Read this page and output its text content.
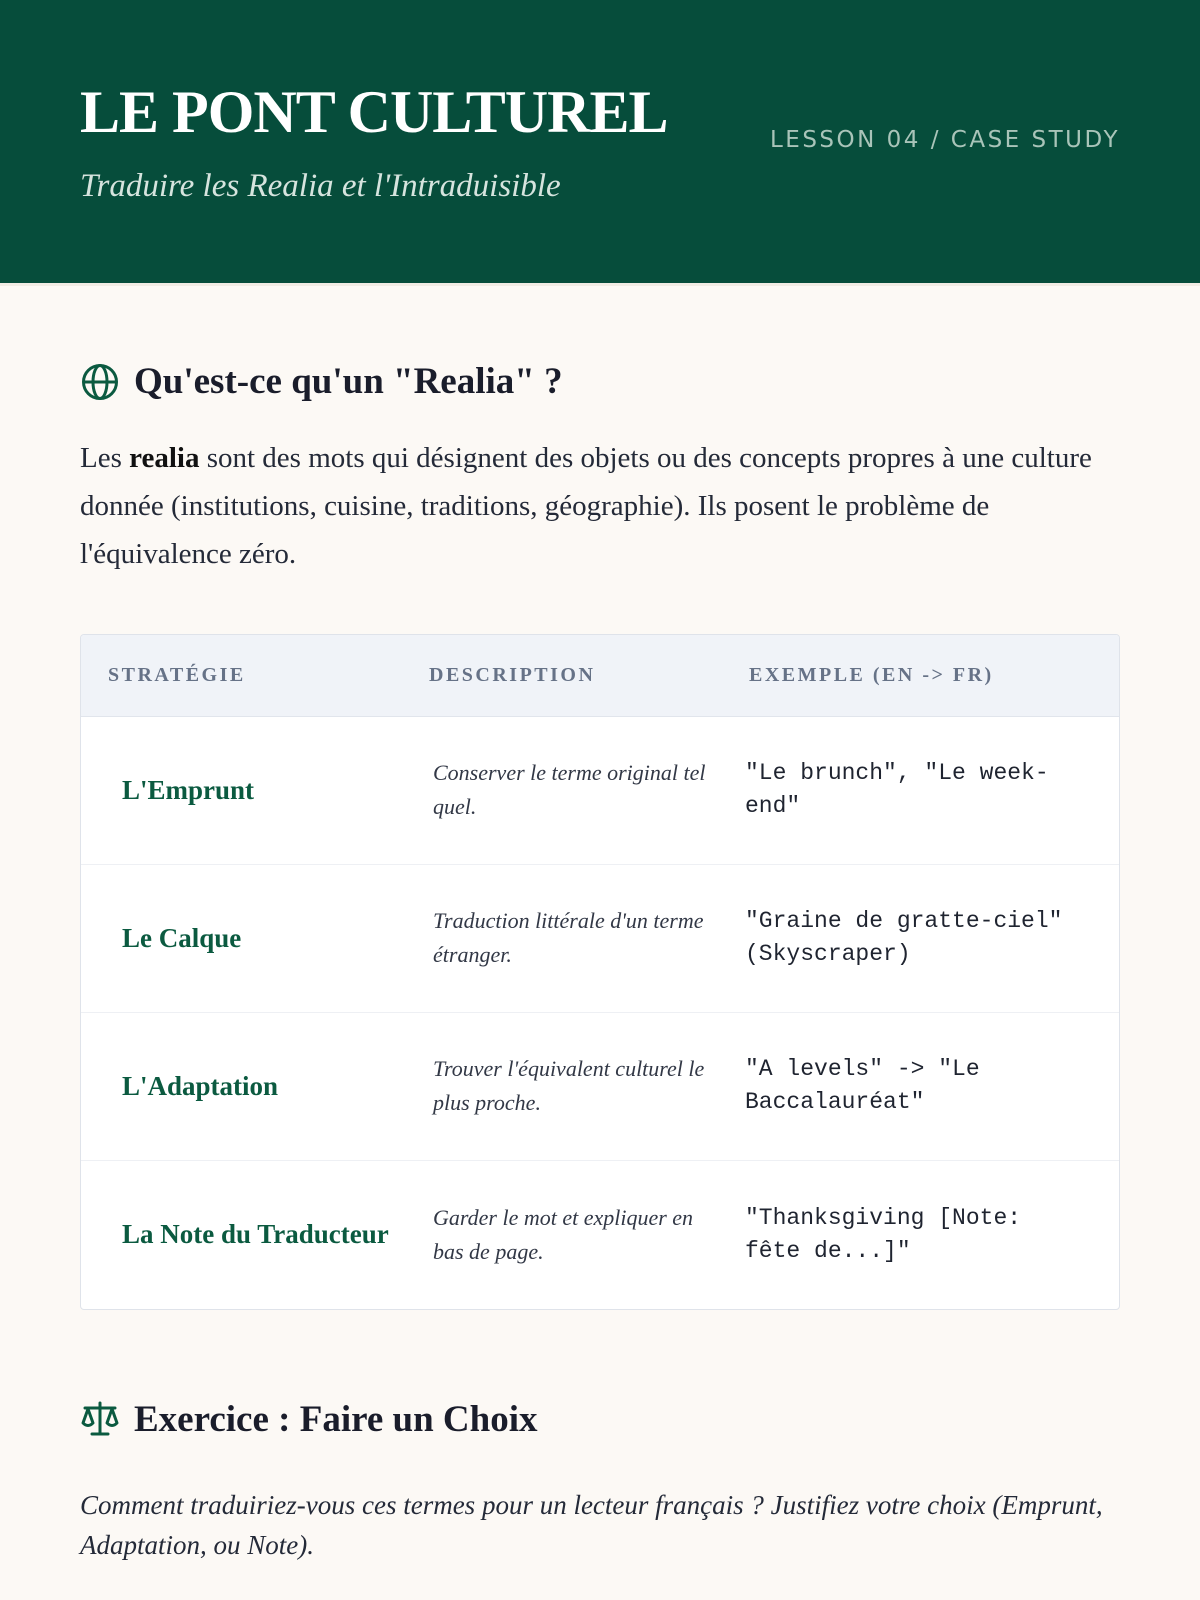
LE PONT CULTUREL

Traduire les Realia et l'Intraduisible

LESSON 04 / CASE STUDY
Qu'est-ce qu'un "Realia" ?

Les realia sont des mots qui désignent des objets ou des concepts propres à une culture donnée (institutions, cuisine, traditions, géographie). Ils posent le problème de l'équivalence zéro.

STRATÉGIE	DESCRIPTION	EXEMPLE (EN -> FR)
L'Emprunt
Conserver le terme original tel quel.
"Le brunch", "Le week-end"
Le Calque
Traduction littérale d'un terme étranger.
"Graine de gratte-ciel" (Skyscraper)
L'Adaptation
Trouver l'équivalent culturel le plus proche.
"A levels" -> "Le Baccalauréat"
La Note du Traducteur
Garder le mot et expliquer en bas de page.
"Thanksgiving [Note: fête de...]"
Exercice : Faire un Choix

Comment traduiriez-vous ces termes pour un lecteur français ? Justifiez votre choix (Emprunt, Adaptation, ou Note).
